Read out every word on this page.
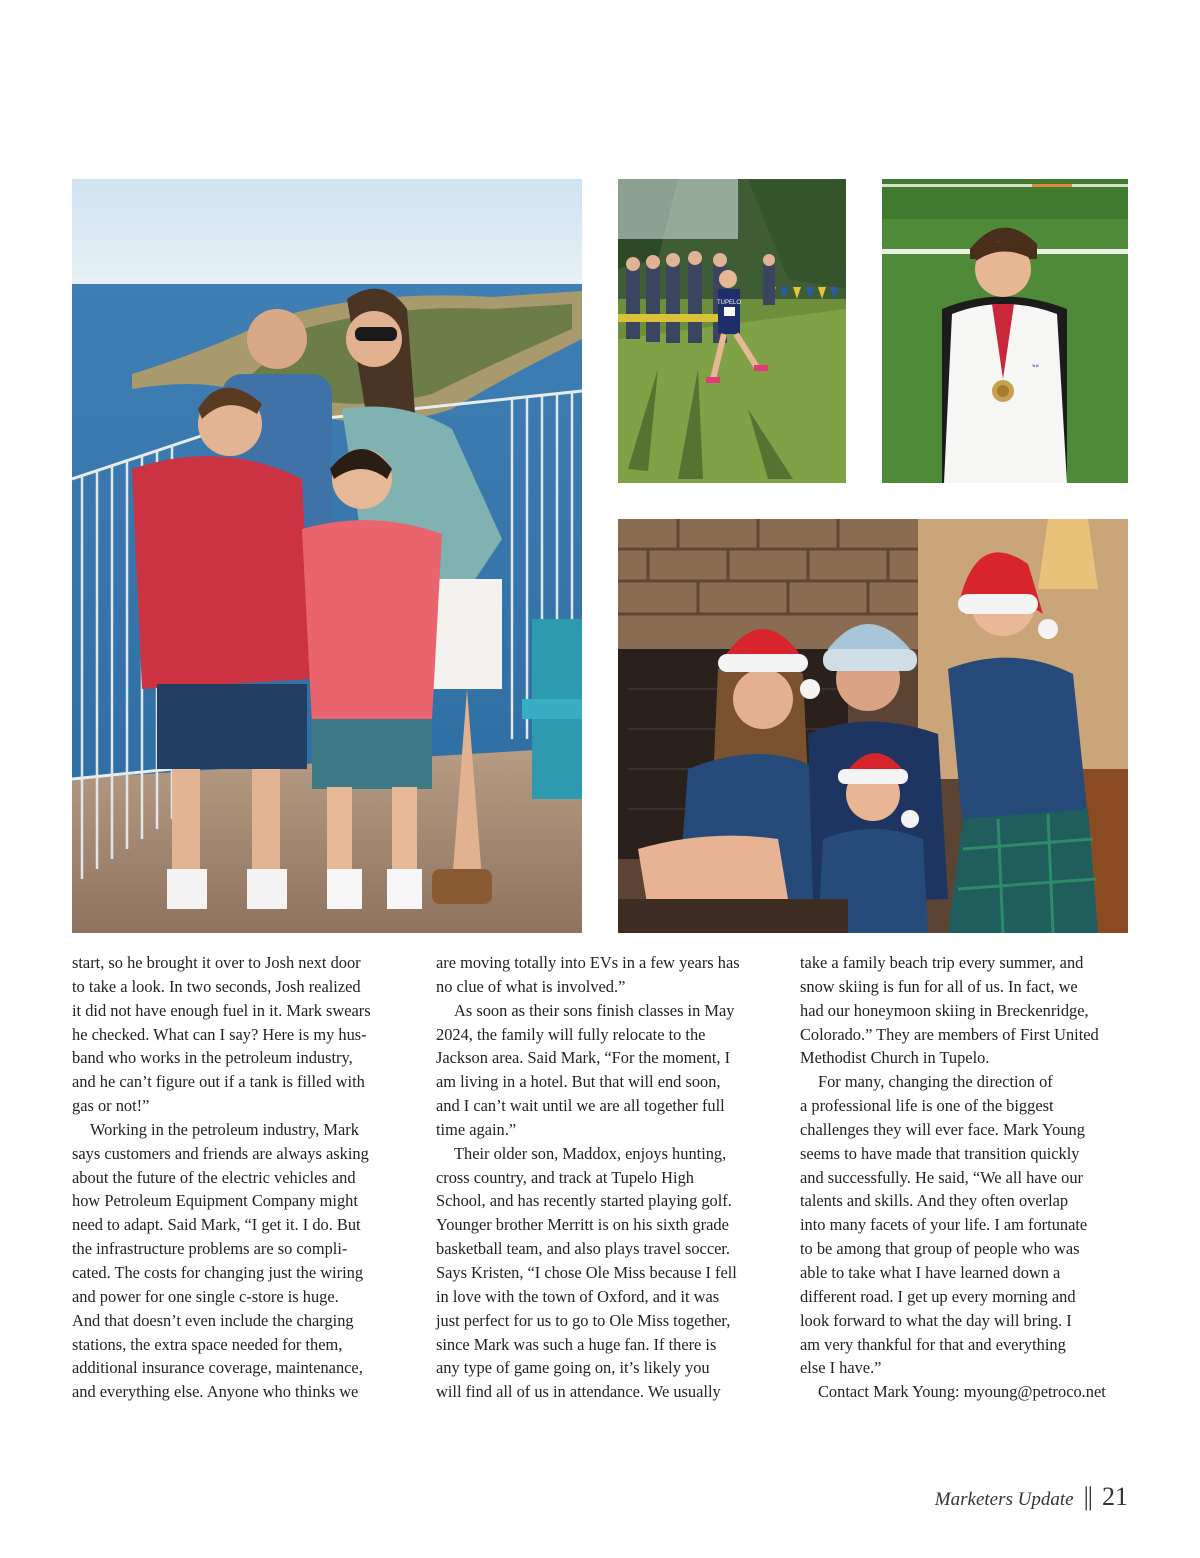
TUPELO
▪▪

start, so he brought it over to Josh next door
to take a look. In two seconds, Josh realized
it did not have enough fuel in it. Mark swears
he checked. What can I say? Here is my hus-
band who works in the petroleum industry,
and he can’t figure out if a tank is filled with
gas or not!”

Working in the petroleum industry, Mark
says customers and friends are always asking
about the future of the electric vehicles and
how Petroleum Equipment Company might
need to adapt. Said Mark, “I get it. I do. But
the infrastructure problems are so compli-
cated. The costs for changing just the wiring
and power for one single c-store is huge.
And that doesn’t even include the charging
stations, the extra space needed for them,
additional insurance coverage, maintenance,
and everything else. Anyone who thinks we

are moving totally into EVs in a few years has
no clue of what is involved.”

As soon as their sons finish classes in May
2024, the family will fully relocate to the
Jackson area. Said Mark, “For the moment, I
am living in a hotel. But that will end soon,
and I can’t wait until we are all together full
time again.”

Their older son, Maddox, enjoys hunting,
cross country, and track at Tupelo High
School, and has recently started playing golf.
Younger brother Merritt is on his sixth grade
basketball team, and also plays travel soccer.
Says Kristen, “I chose Ole Miss because I fell
in love with the town of Oxford, and it was
just perfect for us to go to Ole Miss together,
since Mark was such a huge fan. If there is
any type of game going on, it’s likely you
will find all of us in attendance. We usually

take a family beach trip every summer, and
snow skiing is fun for all of us. In fact, we
had our honeymoon skiing in Breckenridge,
Colorado.” They are members of First United
Methodist Church in Tupelo.

For many, changing the direction of
a professional life is one of the biggest
challenges they will ever face. Mark Young
seems to have made that transition quickly
and successfully. He said, “We all have our
talents and skills. And they often overlap
into many facets of your life. I am fortunate
to be among that group of people who was
able to take what I have learned down a
different road. I get up every morning and
look forward to what the day will bring. I
am very thankful for that and everything
else I have.”

Contact Mark Young: myoung@petroco.net

Marketers Update || 21
